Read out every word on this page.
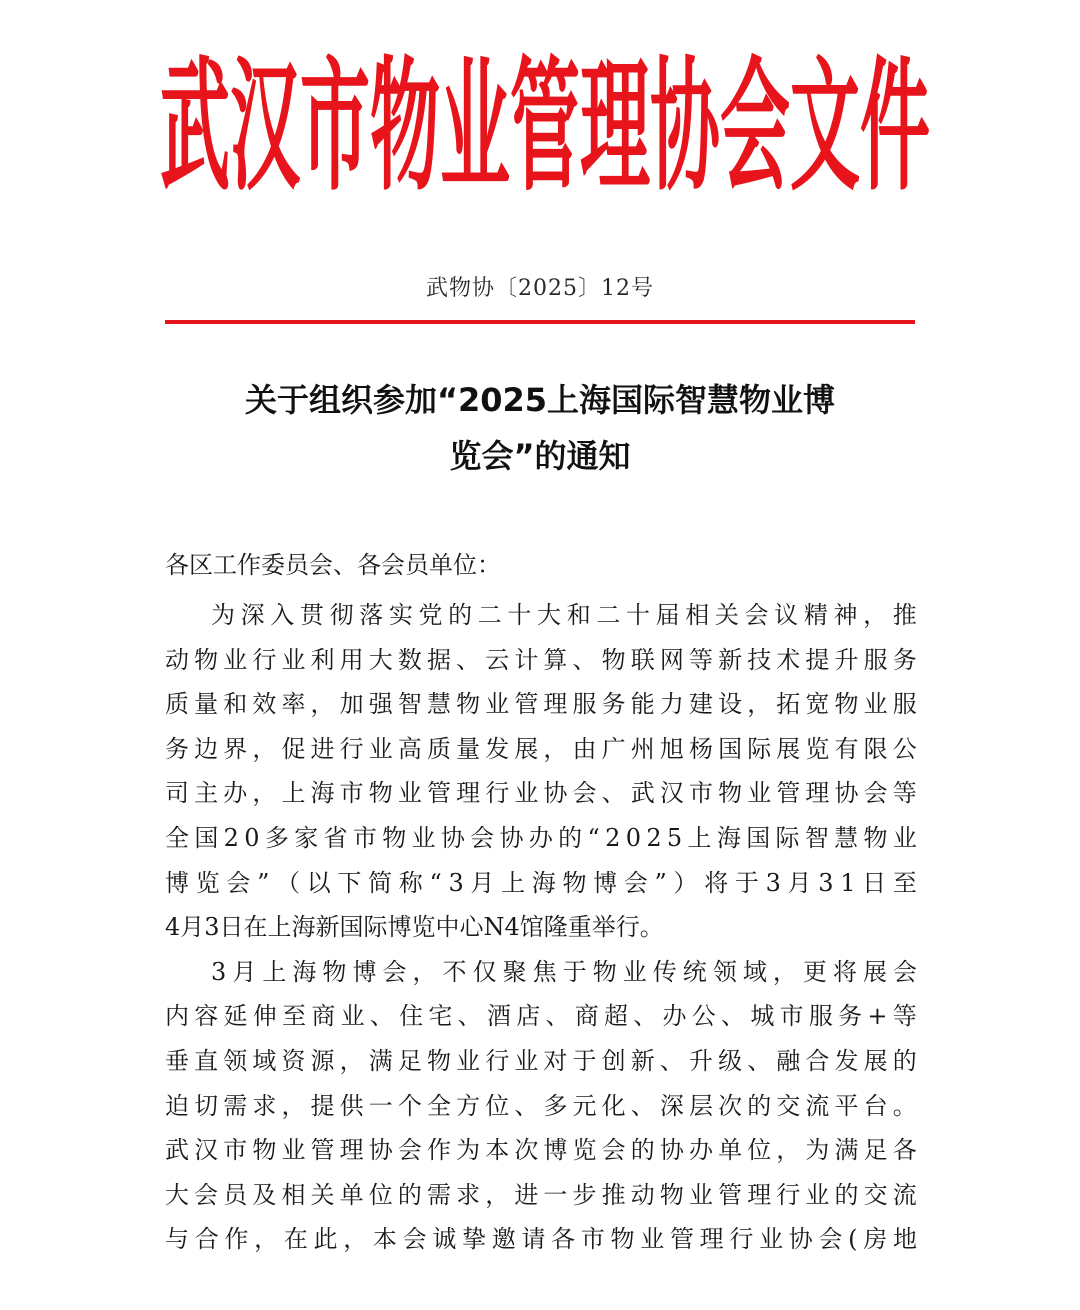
武 汉 市 物 业 管 理 协 会 文 件
武物协〔2025〕12号
关于组织参加“2025上海国际智慧物业博
览会”的通知
各区工作委员会、各会员单位：
为 深 入 贯 彻 落 实 党 的 二 十 大 和 二 十 届 相 关 会 议 精 神 ， 推
动 物 业 行 业 利 用 大 数 据 、 云 计 算 、 物 联 网 等 新 技 术 提 升 服 务
质 量 和 效 率 ， 加 强 智 慧 物 业 管 理 服 务 能 力 建 设 ， 拓 宽 物 业 服
务 边 界 ， 促 进 行 业 高 质 量 发 展 ， 由 广 州 旭 杨 国 际 展 览 有 限 公
司 主 办 ， 上 海 市 物 业 管 理 行 业 协 会 、 武 汉 市 物 业 管 理 协 会 等
全 国 2 0 多 家 省 市 物 业 协 会 协 办 的 “ 2 0 2 5 上 海 国 际 智 慧 物 业
博 览 会 ” （ 以 下 简 称 “ 3 月 上 海 物 博 会 ” ） 将 于 3 月 3 1 日 至
4月3日在上海新国际博览中心N4馆隆重举行。
3 月 上 海 物 博 会 ， 不 仅 聚 焦 于 物 业 传 统 领 域 ， 更 将 展 会
内 容 延 伸 至 商 业 、 住 宅 、 酒 店 、 商 超 、 办 公 、 城 市 服 务 + 等
垂 直 领 域 资 源 ， 满 足 物 业 行 业 对 于 创 新 、 升 级 、 融 合 发 展 的
迫 切 需 求 ， 提 供 一 个 全 方 位 、 多 元 化 、 深 层 次 的 交 流 平 台 。
武 汉 市 物 业 管 理 协 会 作 为 本 次 博 览 会 的 协 办 单 位 ， 为 满 足 各
大 会 员 及 相 关 单 位 的 需 求 ， 进 一 步 推 动 物 业 管 理 行 业 的 交 流
与 合 作 ， 在 此 ， 本 会 诚 挚 邀 请 各 市 物 业 管 理 行 业 协 会 ( 房 地
